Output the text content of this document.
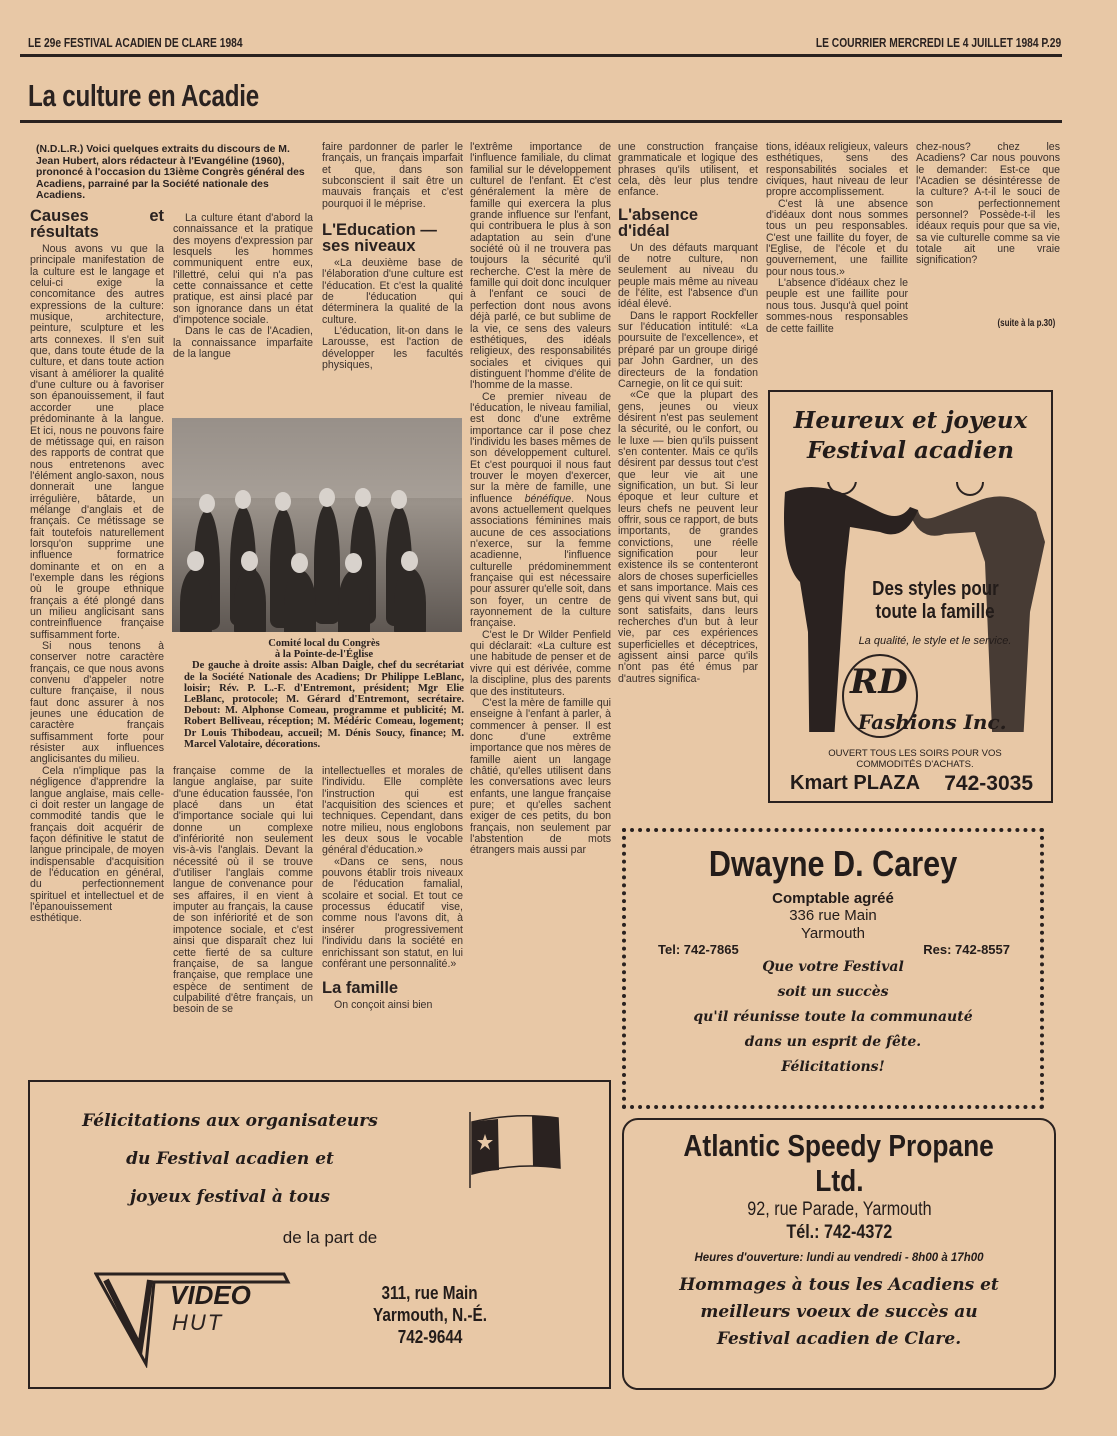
LE 29e FESTIVAL ACADIEN DE CLARE 1984	LE COURRIER MERCREDI LE 4 JUILLET 1984 P.29
La culture en Acadie
(N.D.L.R.) Voici quelques extraits du discours de M. Jean Hubert, alors rédacteur à l'Evangéline (1960), prononcé à l'occasion du 13ième Congrès général des Acadiens, parrainé par la Société nationale des Acadiens.
Causes et résultats

Nous avons vu que la principale manifestation de la culture est le langage et celui-ci exige la concomitance des autres expressions de la culture: musique, architecture, peinture, sculpture et les arts connexes. Il s'en suit que, dans toute étude de la culture, et dans toute action visant à améliorer la qualité d'une culture ou à favoriser son épanouissement, il faut accorder une place prédominante à la langue. Et ici, nous ne pouvons faire de métissage qui, en raison des rapports de contrat que nous entretenons avec l'élément anglo-saxon, nous donnerait une langue irrégulière, bâtarde, un mélange d'anglais et de français. Ce métissage se fait toutefois naturellement lorsqu'on supprime une influence formatrice dominante et on en a l'exemple dans les régions où le groupe ethnique français a été plongé dans un milieu anglicisant sans contreinfluence française suffisamment forte.

Si nous tenons à conserver notre caractère français, ce que nous avons convenu d'appeler notre culture française, il nous faut donc assurer à nos jeunes une éducation de caractère français suffisamment forte pour résister aux influences anglicisantes du milieu.

Cela n'implique pas la négligence d'apprendre la langue anglaise, mais celle-ci doit rester un langage de commodité tandis que le français doit acquérir de façon définitive le statut de langue principale, de moyen indispensable d'acquisition de l'éducation en général, du perfectionnement spirituel et intellectuel et de l'épanouissement esthétique.

La culture étant d'abord la connaissance et la pratique des moyens d'expression par lesquels les hommes communiquent entre eux, l'illettré, celui qui n'a pas cette connaissance et cette pratique, est ainsi placé par son ignorance dans un état d'impotence sociale.

Dans le cas de l'Acadien, la connaissance imparfaite de la langue

faire pardonner de parler le français, un français imparfait et que, dans son subconscient il sait être un mauvais français et c'est pourquoi il le méprise.

L'Education — ses niveaux

«La deuxième base de l'élaboration d'une culture est l'éducation. Et c'est la qualité de l'éducation qui déterminera la qualité de la culture.

L'éducation, lit-on dans le Larousse, est l'action de développer les facultés physiques,

Comité local du Congrès
à la Pointe-de-l'Église
De gauche à droite assis: Alban Daigle, chef du secrétariat de la Société Nationale des Acadiens; Dr Philippe LeBlanc, loisir; Rév. P. L.-F. d'Entremont, président; Mgr Elie LeBlanc, protocole; M. Gérard d'Entremont, secrétaire. Debout: M. Alphonse Comeau, programme et publicité; M. Robert Belliveau, réception; M. Médéric Comeau, logement; Dr Louis Thibodeau, accueil; M. Dénis Soucy, finance; M. Marcel Valotaire, décorations.

française comme de la langue anglaise, par suite d'une éducation faussée, l'on placé dans un état d'importance sociale qui lui donne un complexe d'infériorité non seulement vis-à-vis l'anglais. Devant la nécessité où il se trouve d'utiliser l'anglais comme langue de convenance pour ses affaires, il en vient à imputer au français, la cause de son infériorité et de son impotence sociale, et c'est ainsi que disparaît chez lui cette fierté de sa culture française, de sa langue française, que remplace une espèce de sentiment de culpabilité d'être français, un besoin de se

intellectuelles et morales de l'individu. Elle complète l'instruction qui est l'acquisition des sciences et techniques. Cependant, dans notre milieu, nous englobons les deux sous le vocable général d'éducation.»

«Dans ce sens, nous pouvons établir trois niveaux de l'éducation famalial, scolaire et social. Et tout ce processus éducatif vise, comme nous l'avons dit, à insérer progressivement l'individu dans la société en enrichissant son statut, en lui conférant une personnalité.»

La famille

On conçoit ainsi bien

l'extrême importance de l'influence familiale, du climat familial sur le développement culturel de l'enfant. Et c'est généralement la mère de famille qui exercera la plus grande influence sur l'enfant, qui contribuera le plus à son adaptation au sein d'une société où il ne trouvera pas toujours la sécurité qu'il recherche. C'est la mère de famille qui doit donc inculquer à l'enfant ce souci de perfection dont nous avons déjà parlé, ce but sublime de la vie, ce sens des valeurs esthétiques, des idéals religieux, des responsabilités sociales et civiques qui distinguent l'homme d'élite de l'homme de la masse.

Ce premier niveau de l'éducation, le niveau familial, est donc d'une extrême importance car il pose chez l'individu les bases mêmes de son développement culturel. Et c'est pourquoi il nous faut trouver le moyen d'exercer, sur la mère de famille, une influence bénéfique. Nous avons actuellement quelques associations féminines mais aucune de ces associations n'exerce, sur la femme acadienne, l'influence culturelle prédominemment française qui est nécessaire pour assurer qu'elle soit, dans son foyer, un centre de rayonnement de la culture française.

C'est le Dr Wilder Penfield qui déclarait: «La culture est une habitude de penser et de vivre qui est dérivée, comme la discipline, plus des parents que des instituteurs.

C'est la mère de famille qui enseigne à l'enfant à parler, à commencer à penser. Il est donc d'une extrême importance que nos mères de famille aient un langage châtié, qu'elles utilisent dans les conversations avec leurs enfants, une langue française pure; et qu'elles sachent exiger de ces petits, du bon français, non seulement par l'abstention de mots étrangers mais aussi par

une construction française grammaticale et logique des phrases qu'ils utilisent, et cela, dès leur plus tendre enfance.

L'absence d'idéal

Un des défauts marquant de notre culture, non seulement au niveau du peuple mais même au niveau de l'élite, est l'absence d'un idéal élevé.

Dans le rapport Rockfeller sur l'éducation intitulé: «La poursuite de l'excellence», et préparé par un groupe dirigé par John Gardner, un des directeurs de la fondation Carnegie, on lit ce qui suit:

«Ce que la plupart des gens, jeunes ou vieux désirent n'est pas seulement la sécurité, ou le confort, ou le luxe — bien qu'ils puissent s'en contenter. Mais ce qu'ils désirent par dessus tout c'est que leur vie ait une signification, un but. Si leur époque et leur culture et leurs chefs ne peuvent leur offrir, sous ce rapport, de buts importants, de grandes convictions, une réelle signification pour leur existence ils se contenteront alors de choses superficielles et sans importance. Mais ces gens qui vivent sans but, qui sont satisfaits, dans leurs recherches d'un but à leur vie, par ces expériences superficielles et déceptrices, agissent ainsi parce qu'ils n'ont pas été émus par d'autres significa-

tions, idéaux religieux, valeurs esthétiques, sens des responsabilités sociales et civiques, haut niveau de leur propre accomplissement.

C'est là une absence d'idéaux dont nous sommes tous un peu responsables. C'est une faillite du foyer, de l'Eglise, de l'école et du gouvernement, une faillite pour nous tous.»

L'absence d'idéaux chez le peuple est une faillite pour nous tous. Jusqu'à quel point sommes-nous responsables de cette faillite

chez-nous? chez les Acadiens? Car nous pouvons le demander: Est-ce que l'Acadien se désintéresse de la culture? A-t-il le souci de son perfectionnement personnel? Possède-t-il les idéaux requis pour que sa vie, sa vie culturelle comme sa vie totale ait une vraie signification?

(suite à la p.30)
Heureux et joyeux
Festival acadien
Des styles pour
toute la famille
La qualité, le style et le service.
RD
Fashions Inc.
OUVERT TOUS LES SOIRS POUR VOS
COMMODITÉS D'ACHATS.
Kmart PLAZA 742-3035
Dwayne D. Carey
Comptable agréé
336 rue Main
Yarmouth
Tel: 742-7865	Res: 742-8557
Que votre Festival
soit un succès
qu'il réunisse toute la communauté
dans un esprit de fête.
Félicitations!
Atlantic Speedy Propane
Ltd.
92, rue Parade, Yarmouth
Tél.: 742-4372
Heures d'ouverture: lundi au vendredi - 8h00 à 17h00
Hommages à tous les Acadiens et
meilleurs voeux de succès au
Festival acadien de Clare.
Félicitations aux organisateurs
du Festival acadien et
joyeux festival à tous
de la part de
VIDEO
HUT
311, rue Main
Yarmouth, N.-É.
742-9644
